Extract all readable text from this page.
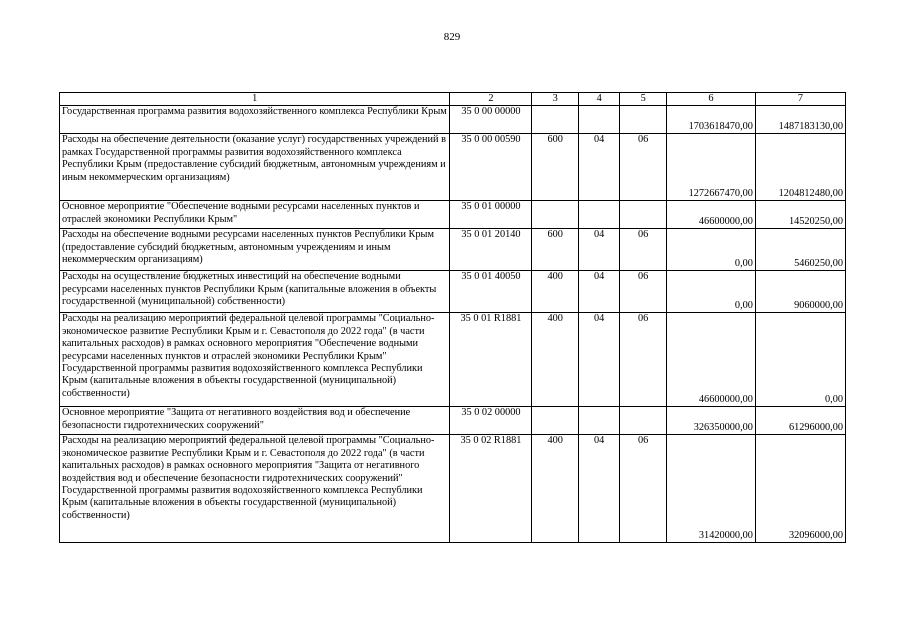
829
1	2	3	4	5	6	7
Государственная программа развития водохозяйственного комплекса Республики Крым	35 0 00 00000				1703618470,00	1487183130,00
Расходы на обеспечение деятельности (оказание услуг) государственных учреждений в рамках Государственной программы развития водохозяйственного комплекса Республики Крым (предоставление субсидий бюджетным, автономным учреждениям и иным некоммерческим организациям)	35 0 00 00590	600	04	06	1272667470,00	1204812480,00
Основное мероприятие "Обеспечение водными ресурсами населенных пунктов и отраслей экономики Республики Крым"	35 0 01 00000				46600000,00	14520250,00
Расходы на обеспечение водными ресурсами населенных пунктов Республики Крым (предоставление субсидий бюджетным, автономным учреждениям и иным некоммерческим организациям)	35 0 01 20140	600	04	06	0,00	5460250,00
Расходы на осуществление бюджетных инвестиций на обеспечение водными ресурсами населенных пунктов Республики Крым (капитальные вложения в объекты государственной (муниципальной) собственности)	35 0 01 40050	400	04	06	0,00	9060000,00
Расходы на реализацию мероприятий федеральной целевой программы "Социально-экономическое развитие Республики Крым и г. Севастополя до 2022 года" (в части капитальных расходов) в рамках основного мероприятия "Обеспечение водными ресурсами населенных пунктов и отраслей экономики Республики Крым" Государственной программы развития водохозяйственного комплекса Республики Крым (капитальные вложения в объекты государственной (муниципальной) собственности)	35 0 01 R1881	400	04	06	46600000,00	0,00
Основное мероприятие "Защита от негативного воздействия вод и обеспечение безопасности гидротехнических сооружений"	35 0 02 00000				326350000,00	61296000,00
Расходы на реализацию мероприятий федеральной целевой программы "Социально-экономическое развитие Республики Крым и г. Севастополя до 2022 года" (в части капитальных расходов) в рамках основного мероприятия "Защита от негативного воздействия вод и обеспечение безопасности гидротехнических сооружений" Государственной программы развития водохозяйственного комплекса Республики Крым (капитальные вложения в объекты государственной (муниципальной) собственности)	35 0 02 R1881	400	04	06	31420000,00	32096000,00
